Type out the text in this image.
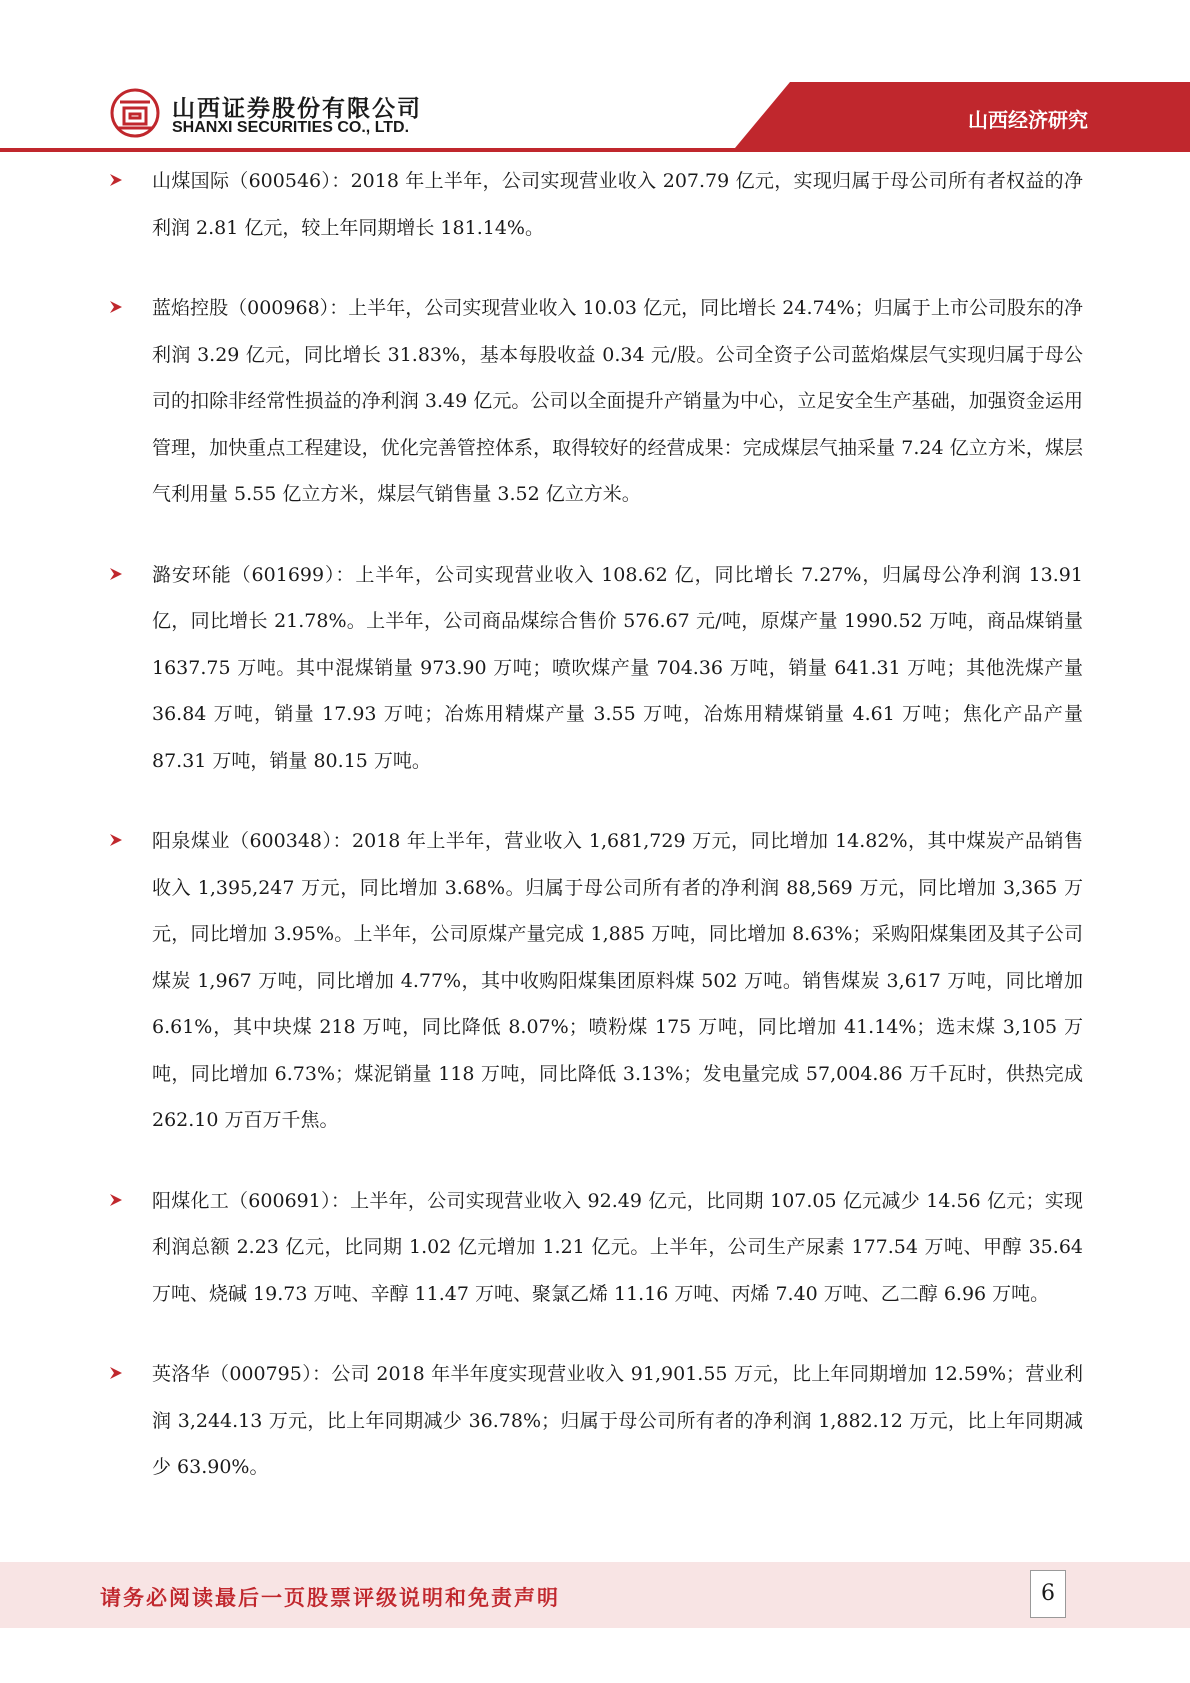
山西证券股份有限公司
SHANXI SECURITIES CO., LTD.	山西经济研究

山煤国际（600546）：2018 年上半年，公司实现营业收入 207.79 亿元，实现归属于母公司所有者权益的净利润 2.81 亿元，较上年同期增长 181.14%。

蓝焰控股（000968）：上半年，公司实现营业收入 10.03 亿元，同比增长 24.74%；归属于上市公司股东的净利润 3.29 亿元，同比增长 31.83%，基本每股收益 0.34 元/股。公司全资子公司蓝焰煤层气实现归属于母公司的扣除非经常性损益的净利润 3.49 亿元。公司以全面提升产销量为中心，立足安全生产基础，加强资金运用管理，加快重点工程建设，优化完善管控体系，取得较好的经营成果：完成煤层气抽采量 7.24 亿立方米，煤层气利用量 5.55 亿立方米，煤层气销售量 3.52 亿立方米。

潞安环能（601699）：上半年，公司实现营业收入 108.62 亿，同比增长 7.27%，归属母公净利润 13.91 亿，同比增长 21.78%。上半年，公司商品煤综合售价 576.67 元/吨，原煤产量 1990.52 万吨，商品煤销量 1637.75 万吨。其中混煤销量 973.90 万吨；喷吹煤产量 704.36 万吨，销量 641.31 万吨；其他洗煤产量 36.84 万吨，销量 17.93 万吨；冶炼用精煤产量 3.55 万吨，冶炼用精煤销量 4.61 万吨；焦化产品产量 87.31 万吨，销量 80.15 万吨。

阳泉煤业（600348）：2018 年上半年，营业收入 1,681,729 万元，同比增加 14.82%，其中煤炭产品销售收入 1,395,247 万元，同比增加 3.68%。归属于母公司所有者的净利润 88,569 万元，同比增加 3,365 万元，同比增加 3.95%。上半年，公司原煤产量完成 1,885 万吨，同比增加 8.63%；采购阳煤集团及其子公司煤炭 1,967 万吨，同比增加 4.77%，其中收购阳煤集团原料煤 502 万吨。销售煤炭 3,617 万吨，同比增加 6.61%，其中块煤 218 万吨，同比降低 8.07%；喷粉煤 175 万吨，同比增加 41.14%；选末煤 3,105 万吨，同比增加 6.73%；煤泥销量 118 万吨，同比降低 3.13%；发电量完成 57,004.86 万千瓦时，供热完成 262.10 万百万千焦。

阳煤化工（600691）：上半年，公司实现营业收入 92.49 亿元，比同期 107.05 亿元减少 14.56 亿元；实现利润总额 2.23 亿元，比同期 1.02 亿元增加 1.21 亿元。上半年，公司生产尿素 177.54 万吨、甲醇 35.64 万吨、烧碱 19.73 万吨、辛醇 11.47 万吨、聚氯乙烯 11.16 万吨、丙烯 7.40 万吨、乙二醇 6.96 万吨。

英洛华（000795）：公司 2018 年半年度实现营业收入 91,901.55 万元，比上年同期增加 12.59%；营业利润 3,244.13 万元，比上年同期减少 36.78%；归属于母公司所有者的净利润 1,882.12 万元，比上年同期减少 63.90%。

请务必阅读最后一页股票评级说明和免责声明	6
